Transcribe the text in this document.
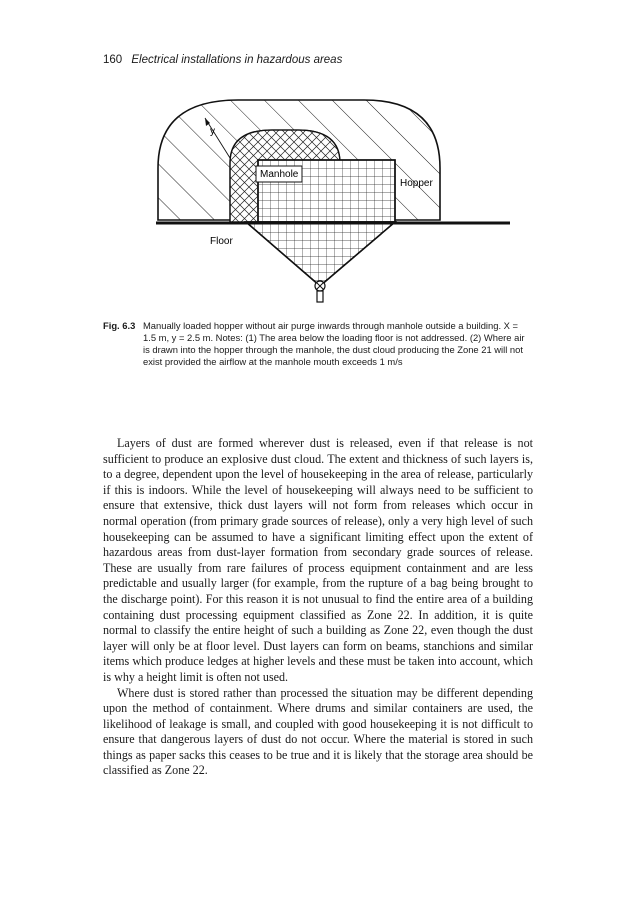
160 Electrical installations in hazardous areas
y
Manhole
Hopper
Floor
Fig. 6.3 Manually loaded hopper without air purge inwards through manhole outside a building. X = 1.5 m, y = 2.5 m. Notes: (1) The area below the loading floor is not addressed. (2) Where air is drawn into the hopper through the manhole, the dust cloud producing the Zone 21 will not exist provided the airflow at the manhole mouth exceeds 1 m/s

Layers of dust are formed wherever dust is released, even if that release is not sufficient to produce an explosive dust cloud. The extent and thickness of such layers is, to a degree, dependent upon the level of housekeeping in the area of release, particularly if this is indoors. While the level of housekeeping will always need to be sufficient to ensure that extensive, thick dust layers will not form from releases which occur in normal operation (from primary grade sources of release), only a very high level of such housekeeping can be assumed to have a significant limiting effect upon the extent of hazardous areas from dust-layer formation from secondary grade sources of release. These are usually from rare failures of process equipment containment and are less predictable and usually larger (for example, from the rupture of a bag being brought to the discharge point). For this reason it is not unusual to find the entire area of a building containing dust processing equipment classified as Zone 22. In addition, it is quite normal to classify the entire height of such a building as Zone 22, even though the dust layer will only be at floor level. Dust layers can form on beams, stanchions and similar items which produce ledges at higher levels and these must be taken into account, which is why a height limit is often not used.

Where dust is stored rather than processed the situation may be different depending upon the method of containment. Where drums and similar containers are used, the likelihood of leakage is small, and coupled with good housekeeping it is not difficult to ensure that dangerous layers of dust do not occur. Where the material is stored in such things as paper sacks this ceases to be true and it is likely that the storage area should be classified as Zone 22.
